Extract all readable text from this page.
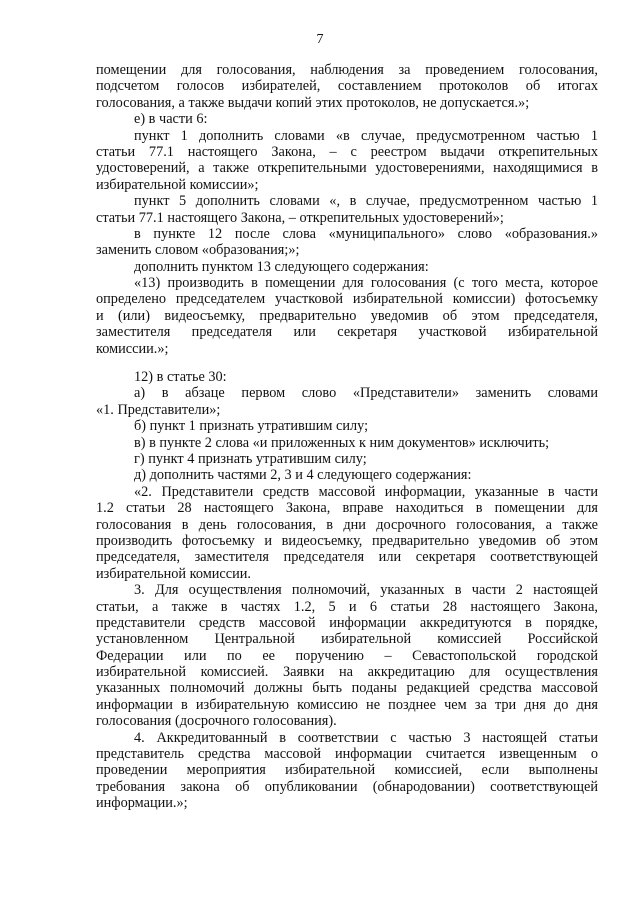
7
помещении для голосования, наблюдения за проведением голосования,
подсчетом голосов избирателей, составлением протоколов об итогах
голосования, а также выдачи копий этих протоколов, не допускается.»;
е) в части 6:
пункт 1 дополнить словами «в случае, предусмотренном частью 1
статьи 77.1 настоящего Закона, – с реестром выдачи открепительных
удостоверений, а также открепительными удостоверениями, находящимися в
избирательной комиссии»;
пункт 5 дополнить словами «, в случае, предусмотренном частью 1
статьи 77.1 настоящего Закона, – открепительных удостоверений»;
в пункте 12 после слова «муниципального» слово «образования.»
заменить словом «образования;»;
дополнить пунктом 13 следующего содержания:
«13) производить в помещении для голосования (с того места, которое
определено председателем участковой избирательной комиссии) фотосъемку
и (или) видеосъемку, предварительно уведомив об этом председателя,
заместителя председателя или секретаря участковой избирательной
комиссии.»;
12) в статье 30:
а) в абзаце первом слово «Представители» заменить словами
«1. Представители»;
б) пункт 1 признать утратившим силу;
в) в пункте 2 слова «и приложенных к ним документов» исключить;
г) пункт 4 признать утратившим силу;
д) дополнить частями 2, 3 и 4 следующего содержания:
«2. Представители средств массовой информации, указанные в части
1.2 статьи 28 настоящего Закона, вправе находиться в помещении для
голосования в день голосования, в дни досрочного голосования, а также
производить фотосъемку и видеосъемку, предварительно уведомив об этом
председателя, заместителя председателя или секретаря соответствующей
избирательной комиссии.
3. Для осуществления полномочий, указанных в части 2 настоящей
статьи, а также в частях 1.2, 5 и 6 статьи 28 настоящего Закона,
представители средств массовой информации аккредитуются в порядке,
установленном Центральной избирательной комиссией Российской
Федерации или по ее поручению – Севастопольской городской
избирательной комиссией. Заявки на аккредитацию для осуществления
указанных полномочий должны быть поданы редакцией средства массовой
информации в избирательную комиссию не позднее чем за три дня до дня
голосования (досрочного голосования).
4. Аккредитованный в соответствии с частью 3 настоящей статьи
представитель средства массовой информации считается извещенным о
проведении мероприятия избирательной комиссией, если выполнены
требования закона об опубликовании (обнародовании) соответствующей
информации.»;
